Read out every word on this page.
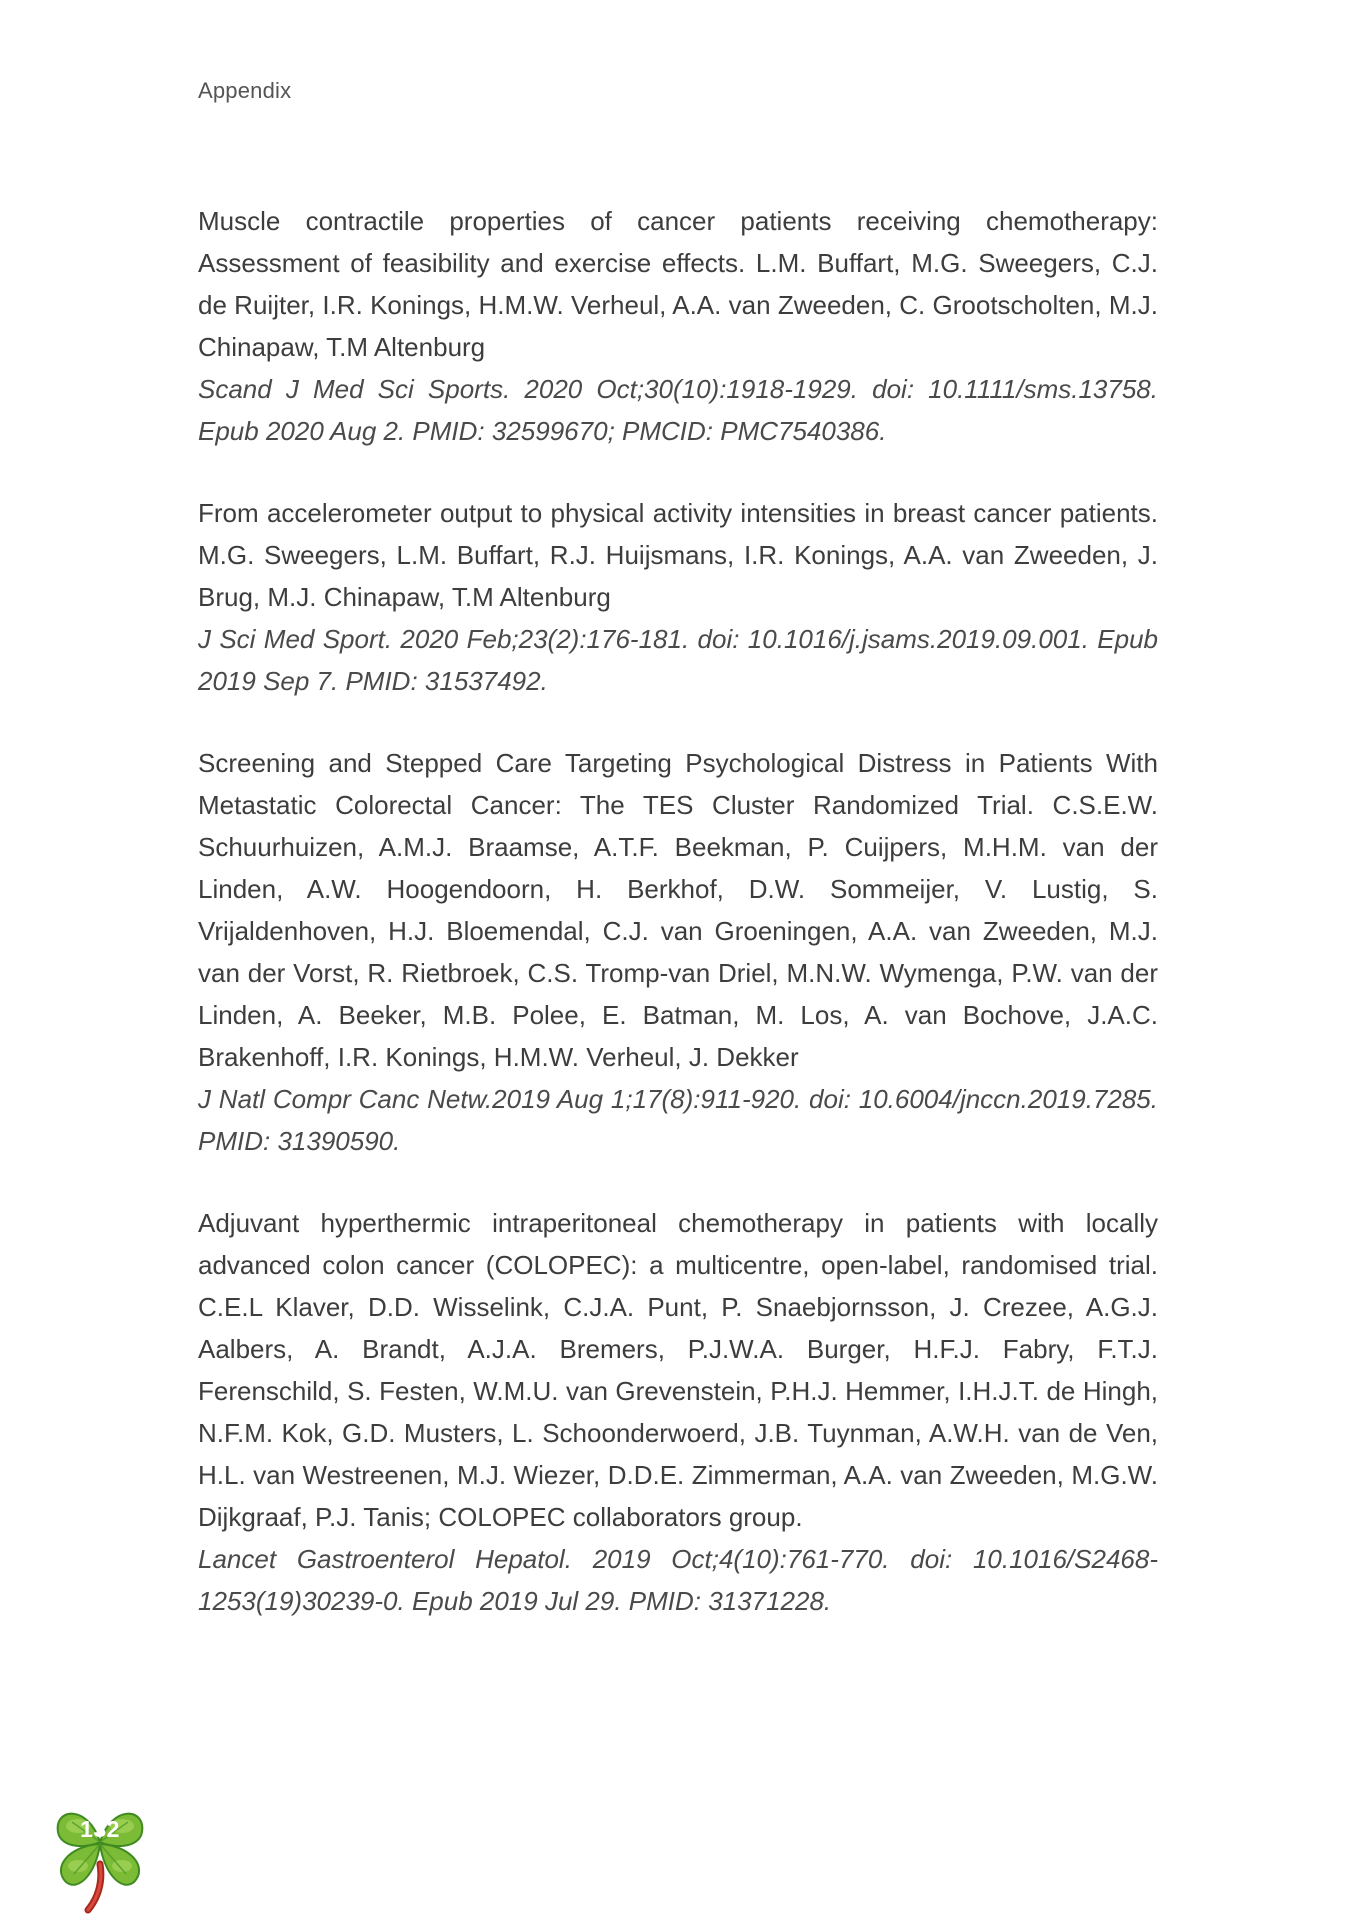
Appendix

Muscle contractile properties of cancer patients receiving chemotherapy: Assessment of feasibility and exercise effects. L.M. Buffart, M.G. Sweegers, C.J. de Ruijter, I.R. Konings, H.M.W. Verheul, A.A. van Zweeden, C. Grootscholten, M.J. Chinapaw, T.M Altenburg

Scand J Med Sci Sports. 2020 Oct;30(10):1918-1929. doi: 10.1111/sms.13758. Epub 2020 Aug 2. PMID: 32599670; PMCID: PMC7540386.

From accelerometer output to physical activity intensities in breast cancer patients. M.G. Sweegers, L.M. Buffart, R.J. Huijsmans, I.R. Konings, A.A. van Zweeden, J. Brug, M.J. Chinapaw, T.M Altenburg

J Sci Med Sport. 2020 Feb;23(2):176-181. doi: 10.1016/j.jsams.2019.09.001. Epub 2019 Sep 7. PMID: 31537492.

Screening and Stepped Care Targeting Psychological Distress in Patients With Metastatic Colorectal Cancer: The TES Cluster Randomized Trial. C.S.E.W. Schuurhuizen, A.M.J. Braamse, A.T.F. Beekman, P. Cuijpers, M.H.M. van der Linden, A.W. Hoogendoorn, H. Berkhof, D.W. Sommeijer, V. Lustig, S. Vrijaldenhoven, H.J. Bloemendal, C.J. van Groeningen, A.A. van Zweeden, M.J. van der Vorst, R. Rietbroek, C.S. Tromp-van Driel, M.N.W. Wymenga, P.W. van der Linden, A. Beeker, M.B. Polee, E. Batman, M. Los, A. van Bochove, J.A.C. Brakenhoff, I.R. Konings, H.M.W. Verheul, J. Dekker

J Natl Compr Canc Netw.2019 Aug 1;17(8):911-920. doi: 10.6004/jnccn.2019.7285. PMID: 31390590.

Adjuvant hyperthermic intraperitoneal chemotherapy in patients with locally advanced colon cancer (COLOPEC): a multicentre, open-label, randomised trial. C.E.L Klaver, D.D. Wisselink, C.J.A. Punt, P. Snaebjornsson, J. Crezee, A.G.J. Aalbers, A. Brandt, A.J.A. Bremers, P.J.W.A. Burger, H.F.J. Fabry, F.T.J. Ferenschild, S. Festen, W.M.U. van Grevenstein, P.H.J. Hemmer, I.H.J.T. de Hingh, N.F.M. Kok, G.D. Musters, L. Schoonderwoerd, J.B. Tuynman, A.W.H. van de Ven, H.L. van Westreenen, M.J. Wiezer, D.D.E. Zimmerman, A.A. van Zweeden, M.G.W. Dijkgraaf, P.J. Tanis; COLOPEC collaborators group.

Lancet Gastroenterol Hepatol. 2019 Oct;4(10):761-770. doi: 10.1016/S2468-1253(19)30239-0. Epub 2019 Jul 29. PMID: 31371228.

132
